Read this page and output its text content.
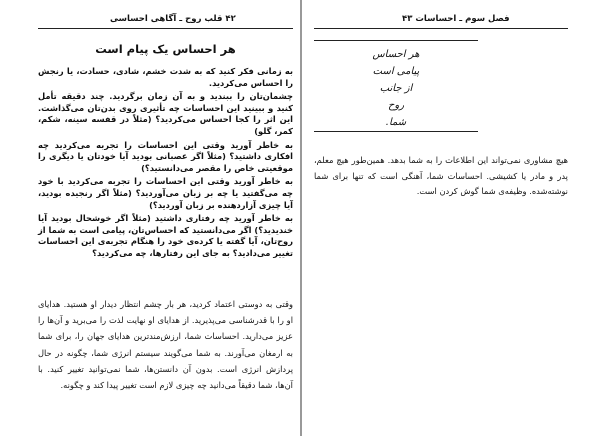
۴۲ قلب روح ـ آگاهی احساسی
هر احساس یک پیام است

به زمانی فکر کنید که به شدت خشم، شادی، حسادت، یا رنجش را احساس می‌کردید.

چشمان‌تان را ببندید و به آن زمان برگردید. چند دقیقه تأمل کنید و ببینید این احساسات چه تأثیری روی بدن‌تان می‌گذاشت. این اثر را کجا احساس می‌کردید؟ (مثلاً در قفسه سینه، شکم، کمر، گلو)

به خاطر آورید وقتی این احساسات را تجربه می‌کردید چه افکاری داشتید؟ (مثلاً اگر عصبانی بودید آیا خودتان یا دیگری را موقعیتی خاص را مقصر می‌دانستید؟)

به خاطر آورید وقتی این احساسات را تجربه می‌کردید با خود چه می‌گفتید یا چه بر زبان می‌آوردید؟ (مثلاً اگر رنجیده بودید، آیا چیزی آزاردهنده بر زبان آوردید؟)

به خاطر آورید چه رفتاری داشتید (مثلاً اگر خوشحال بودید آیا خندیدید؟) اگر می‌دانستید که احساس‌تان، پیامی است به شما از روح‌تان، آیا گفته یا کرده‌ی خود را هنگام تجربه‌ی این احساسات تغییر می‌دادید؟ به جای این رفتارها، چه می‌کردید؟

وقتی به دوستی اعتماد کردید، هر بار چشم انتظار دیدار او هستید. هدایای او را با قدرشناسی می‌پذیرید. از هدایای او نهایت لذت را می‌برید و آن‌ها را عزیز می‌دارید. احساسات شما، ارزش‌مندترین هدایای جهان را، برای شما به ارمغان می‌آورند. به شما می‌گویند سیستم انرژی شما، چگونه در حال پردازش انرژی است. بدون آن دانستن‌ها، شما نمی‌توانید تغییر کنید. با آن‌ها، شما دقیقاً می‌دانید چه چیزی لازم است تغییر پیدا کند و چگونه.

فصل سوم ـ احساسات ۴۳
هر احساس
پیامی است
از جانب
روح
شما.

هیچ مشاوری نمی‌تواند این اطلاعات را به شما بدهد. همین‌طور هیچ معلم، پدر و مادر یا کشیشی. احساسات شما، آهنگی است که تنها برای شما نوشته‌شده. وظیفه‌ی شما گوش کردن است.
